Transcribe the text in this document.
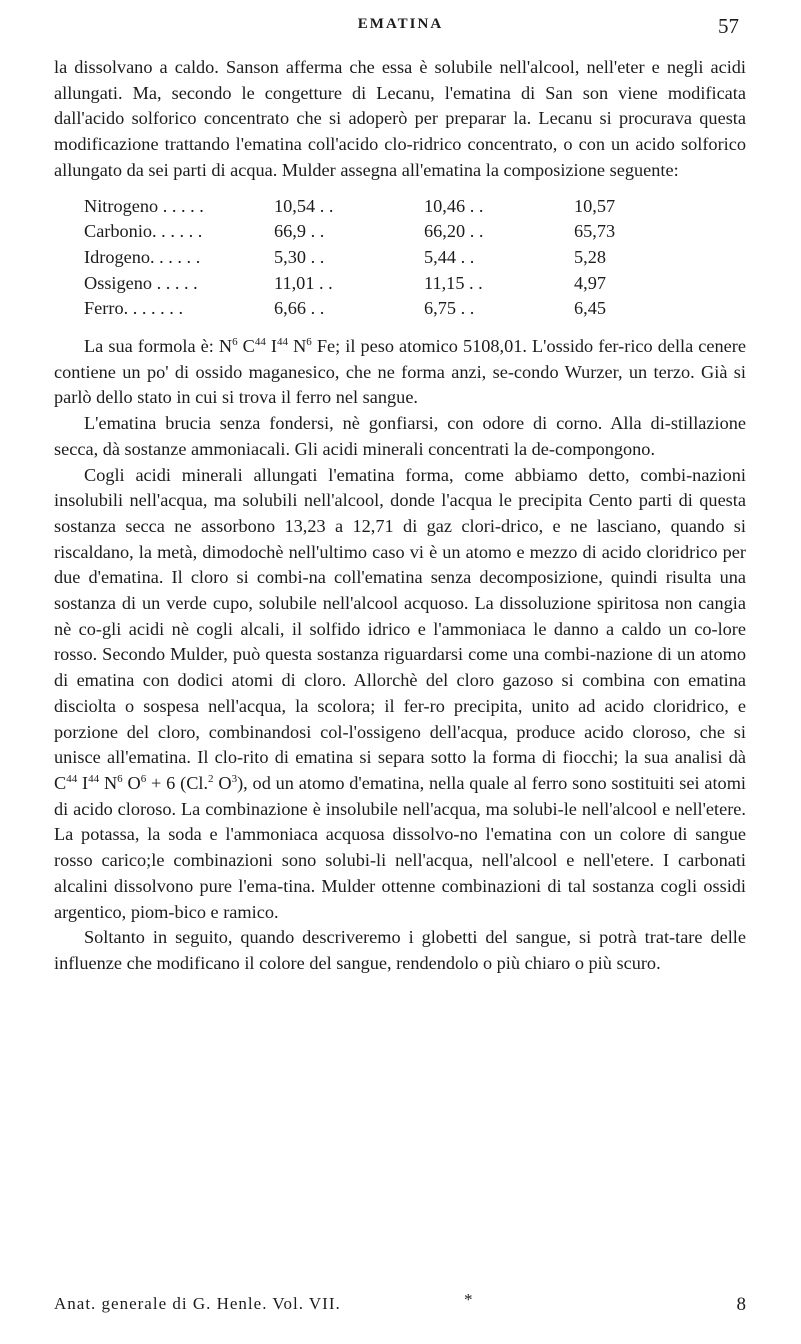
EMATINA	57

la dissolvano a caldo. Sanson afferma che essa è solubile nell'alcool, nell'eter e negli acidi allungati. Ma, secondo le congetture di Lecanu, l'ematina di San son viene modificata dall'acido solforico concentrato che si adoperò per preparar la. Lecanu si procurava questa modificazione trattando l'ematina coll'acido clo-ridrico concentrato, o con un acido solforico allungato da sei parti di acqua. Mulder assegna all'ematina la composizione seguente:

Nitrogeno . . . . .	10,54 . .	10,46 . .	10,57
Carbonio. . . . . .	66,9 . .	66,20 . .	65,73
Idrogeno. . . . . .	5,30 . .	5,44 . .	5,28
Ossigeno . . . . .	11,01 . .	11,15 . .	4,97
Ferro. . . . . . .	6,66 . .	6,75 . .	6,45

La sua formola è: $N^6$ $C^{44}$ $I^{44}$ $N^6$ Fe; il peso atomico 5108,01. L'ossido fer-rico della cenere contiene un po' di ossido maganesico, che ne forma anzi, se-condo Wurzer, un terzo. Già si parlò dello stato in cui si trova il ferro nel sangue.

L'ematina brucia senza fondersi, nè gonfiarsi, con odore di corno. Alla di-stillazione secca, dà sostanze ammoniacali. Gli acidi minerali concentrati la de-compongono.

Cogli acidi minerali allungati l'ematina forma, come abbiamo detto, combi-nazioni insolubili nell'acqua, ma solubili nell'alcool, donde l'acqua le precipita Cento parti di questa sostanza secca ne assorbono 13,23 a 12,71 di gaz clori-drico, e ne lasciano, quando si riscaldano, la metà, dimodochè nell'ultimo caso vi è un atomo e mezzo di acido cloridrico per due d'ematina. Il cloro si combi-na coll'ematina senza decomposizione, quindi risulta una sostanza di un verde cupo, solubile nell'alcool acquoso. La dissoluzione spiritosa non cangia nè co-gli acidi nè cogli alcali, il solfido idrico e l'ammoniaca le danno a caldo un co-lore rosso. Secondo Mulder, può questa sostanza riguardarsi come una combi-nazione di un atomo di ematina con dodici atomi di cloro. Allorchè del cloro gazoso si combina con ematina disciolta o sospesa nell'acqua, la scolora; il fer-ro precipita, unito ad acido cloridrico, e porzione del cloro, combinandosi col-l'ossigeno dell'acqua, produce acido cloroso, che si unisce all'ematina. Il clo-rito di ematina si separa sotto la forma di fiocchi; la sua analisi dà $C^{44}$ $I^{44}$ $N^6$ $O^6 + 6$ (Cl.$^2$ $O^3$), od un atomo d'ematina, nella quale al ferro sono sostituiti sei atomi di acido cloroso. La combinazione è insolubile nell'acqua, ma solubi-le nell'alcool e nell'etere. La potassa, la soda e l'ammoniaca acquosa dissolvo-no l'ematina con un colore di sangue rosso carico;le combinazioni sono solubi-li nell'acqua, nell'alcool e nell'etere. I carbonati alcalini dissolvono pure l'ema-tina. Mulder ottenne combinazioni di tal sostanza cogli ossidi argentico, piom-bico e ramico.

Soltanto in seguito, quando descriveremo i globetti del sangue, si potrà trat-tare delle influenze che modificano il colore del sangue, rendendolo o più chiaro o più scuro.

Anat. generale di G. Henle. Vol. VII.	*	8
